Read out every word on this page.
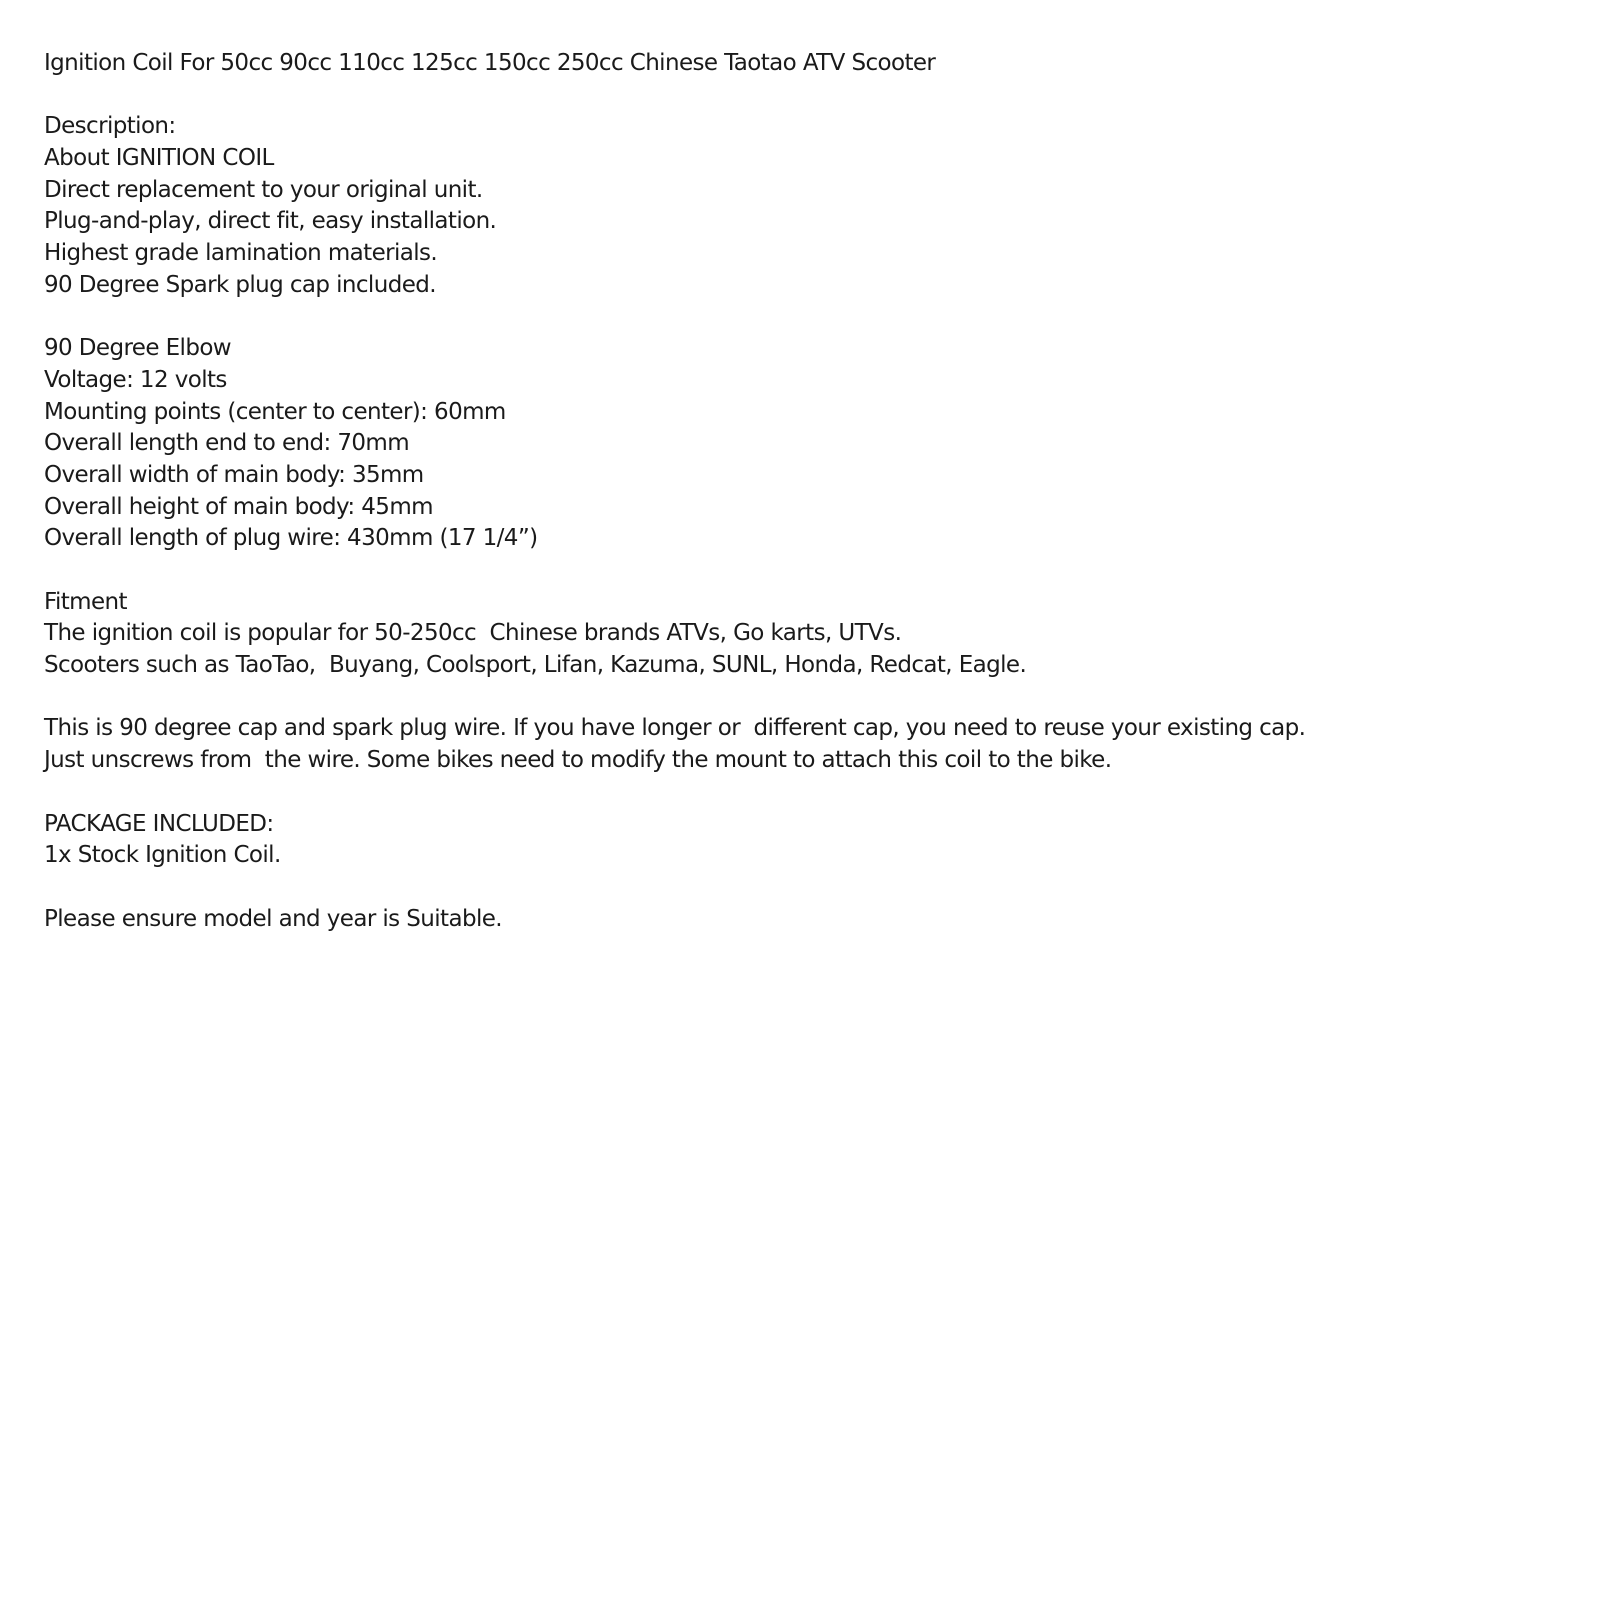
Ignition Coil For 50cc 90cc 110cc 125cc 150cc 250cc Chinese Taotao ATV Scooter
Description:
About IGNITION COIL
Direct replacement to your original unit.
Plug-and-play, direct fit, easy installation.
Highest grade lamination materials.
90 Degree Spark plug cap included.
90 Degree Elbow
Voltage: 12 volts
Mounting points (center to center): 60mm
Overall length end to end: 70mm
Overall width of main body: 35mm
Overall height of main body: 45mm
Overall length of plug wire: 430mm (17 1/4”)
Fitment
The ignition coil is popular for 50-250cc  Chinese brands ATVs, Go karts, UTVs.
Scooters such as TaoTao,  Buyang, Coolsport, Lifan, Kazuma, SUNL, Honda, Redcat, Eagle.
This is 90 degree cap and spark plug wire. If you have longer or  different cap, you need to reuse your existing cap.
Just unscrews from  the wire. Some bikes need to modify the mount to attach this coil to the bike.
PACKAGE INCLUDED:
1x Stock Ignition Coil.
Please ensure model and year is Suitable.
